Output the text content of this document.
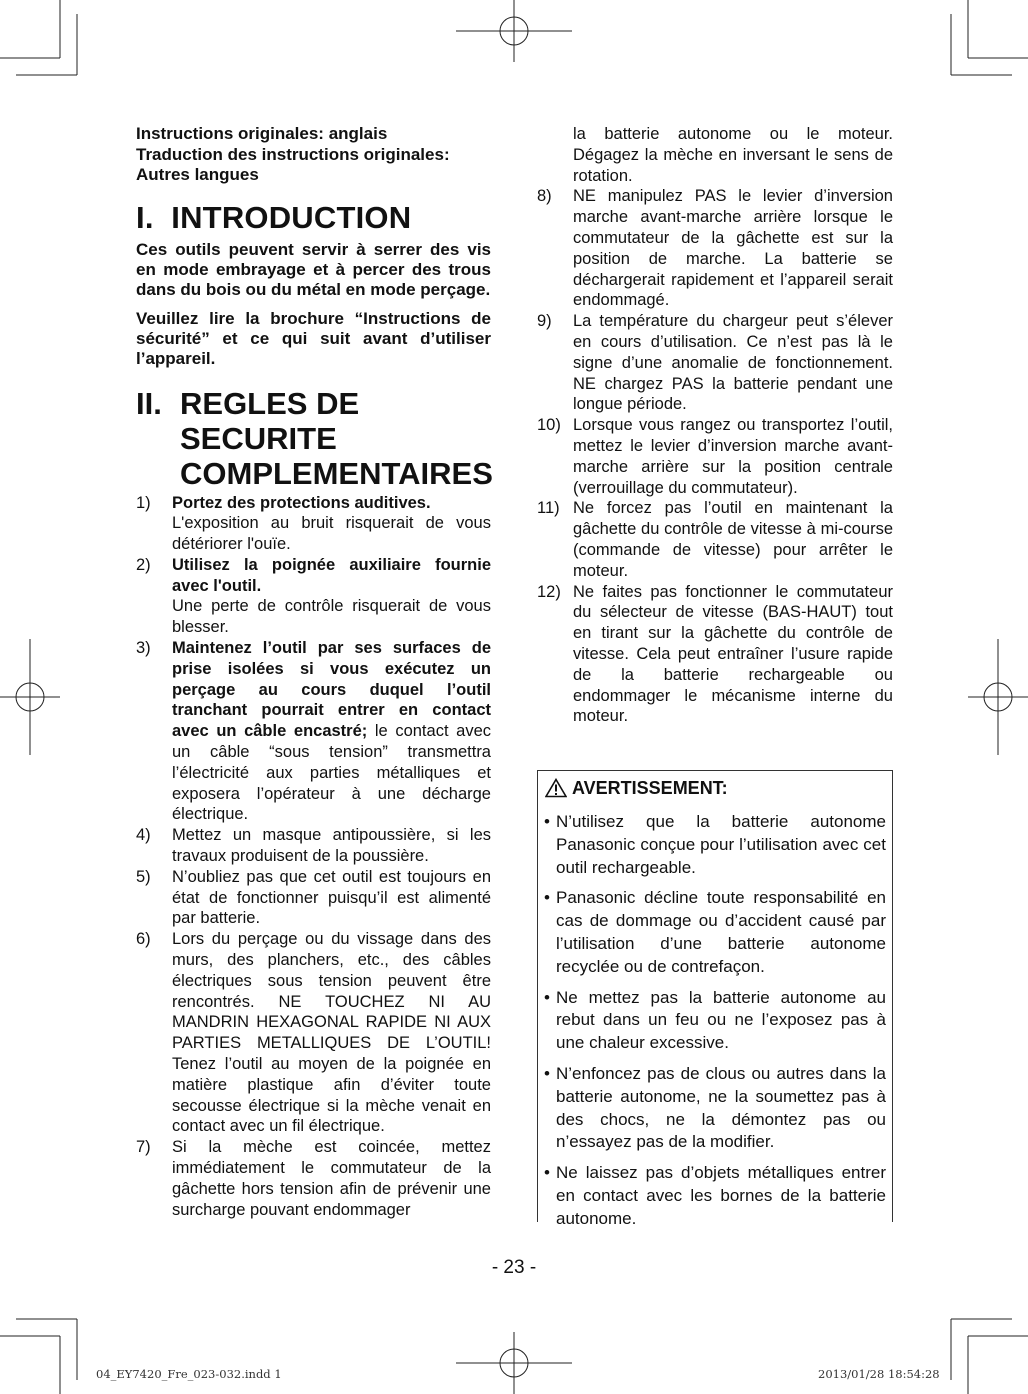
Instructions originales: anglais
Traduction des instructions originales:
Autres langues
I. INTRODUCTION

Ces outils peuvent servir à serrer des vis en mode embrayage et à percer des trous dans du bois ou du métal en mode perçage.

Veuillez lire la brochure “Instructions de sécurité” et ce qui suit avant d’utiliser l’appareil.

II. REGLES DE
SECURITE
COMPLEMENTAIRES
1)	Portez des protections auditives.
L'exposition au bruit risquerait de vous détériorer l'ouïe.
2)	Utilisez la poignée auxiliaire fournie avec l'outil.
Une perte de contrôle risquerait de vous blesser.
3)	Maintenez l’outil par ses surfaces de prise isolées si vous exécutez un perçage au cours duquel l’outil tranchant pourrait entrer en contact avec un câble encastré; le contact avec un câble “sous tension” transmettra l’électricité aux parties métalliques et exposera l’opérateur à une décharge électrique.
4)	Mettez un masque antipoussière, si les travaux produisent de la poussière.
5)	N’oubliez pas que cet outil est toujours en état de fonctionner puisqu’il est alimenté par batterie.
6)	Lors du perçage ou du vissage dans des murs, des planchers, etc., des câbles électriques sous tension peuvent être rencontrés. NE TOUCHEZ NI AU MANDRIN HEXAGONAL RAPIDE NI AUX PARTIES METALLIQUES DE L’OUTIL! Tenez l’outil au moyen de la poignée en matière plastique afin d’éviter toute secousse électrique si la mèche venait en contact avec un fil électrique.
7)	Si la mèche est coincée, mettez immédiatement le commutateur de la gâchette hors tension afin de prévenir une surcharge pouvant endommager
la batterie autonome ou le moteur. Dégagez la mèche en inversant le sens de rotation.
8)	NE manipulez PAS le levier d’inversion marche avant-marche arrière lorsque le commutateur de la gâchette est sur la position de marche. La batterie se déchargerait rapidement et l’appareil serait endommagé.
9)	La température du chargeur peut s’élever en cours d’utilisation. Ce n’est pas là le signe d’une anomalie de fonctionnement. NE chargez PAS la batterie pendant une longue période.
10) Lorsque vous rangez ou transportez l’outil, mettez le levier d’inversion marche avant-marche arrière sur la position centrale (verrouillage du commutateur).
11) Ne forcez pas l’outil en maintenant la gâchette du contrôle de vitesse à mi-course (commande de vitesse) pour arrêter le moteur.
12) Ne faites pas fonctionner le commutateur du sélecteur de vitesse (BAS-HAUT) tout en tirant sur la gâchette du contrôle de vitesse. Cela peut entraîner l’usure rapide de la batterie rechargeable ou endommager le mécanisme interne du moteur.
AVERTISSEMENT:
• N’utilisez que la batterie autonome Panasonic conçue pour l’utilisation avec cet outil rechargeable.
• Panasonic décline toute responsabilité en cas de dommage ou d’accident causé par l’utilisation d’une batterie autonome recyclée ou de contrefaçon.
• Ne mettez pas la batterie autonome au rebut dans un feu ou ne l’exposez pas à une chaleur excessive.
• N’enfoncez pas de clous ou autres dans la batterie autonome, ne la soumettez pas à des chocs, ne la démontez pas ou n’essayez pas de la modifier.
• Ne laissez pas d’objets métalliques entrer en contact avec les bornes de la batterie autonome.
- 23 -
04_EY7420_Fre_023-032.indd 1	2013/01/28 18:54:28
